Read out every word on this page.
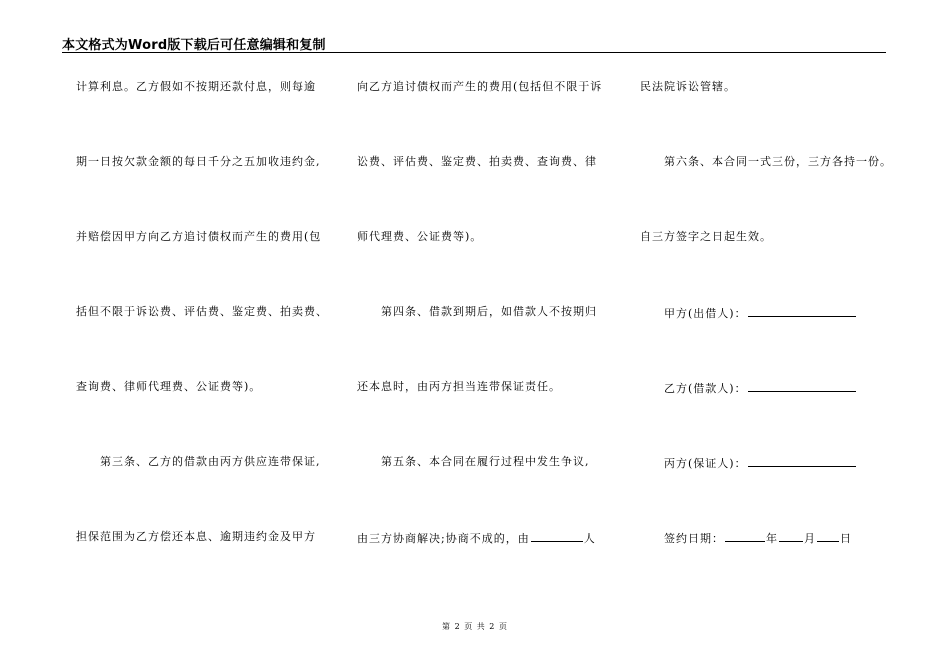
本文格式为Word版下载后可任意编辑和复制
计算利息。乙方假如不按期还款付息，则每逾
期一日按欠款金额的每日千分之五加收违约金,
并赔偿因甲方向乙方追讨债权而产生的费用(包
括但不限于诉讼费、评估费、鉴定费、拍卖费、
查询费、律师代理费、公证费等)。
第三条、乙方的借款由丙方供应连带保证,
担保范围为乙方偿还本息、逾期违约金及甲方
向乙方追讨债权而产生的费用(包括但不限于诉
讼费、评估费、鉴定费、拍卖费、查询费、律
师代理费、公证费等)。
第四条、借款到期后，如借款人不按期归
还本息时，由丙方担当连带保证责任。
第五条、本合同在履行过程中发生争议,
由三方协商解决;协商不成的，由	人
民法院诉讼管辖。
第六条、本合同一式三份，三方各持一份。
自三方签字之日起生效。
甲方(出借人)：
乙方(借款人)：
丙方(保证人)：
签约日期：	年 月 日
第 2 页 共 2 页
